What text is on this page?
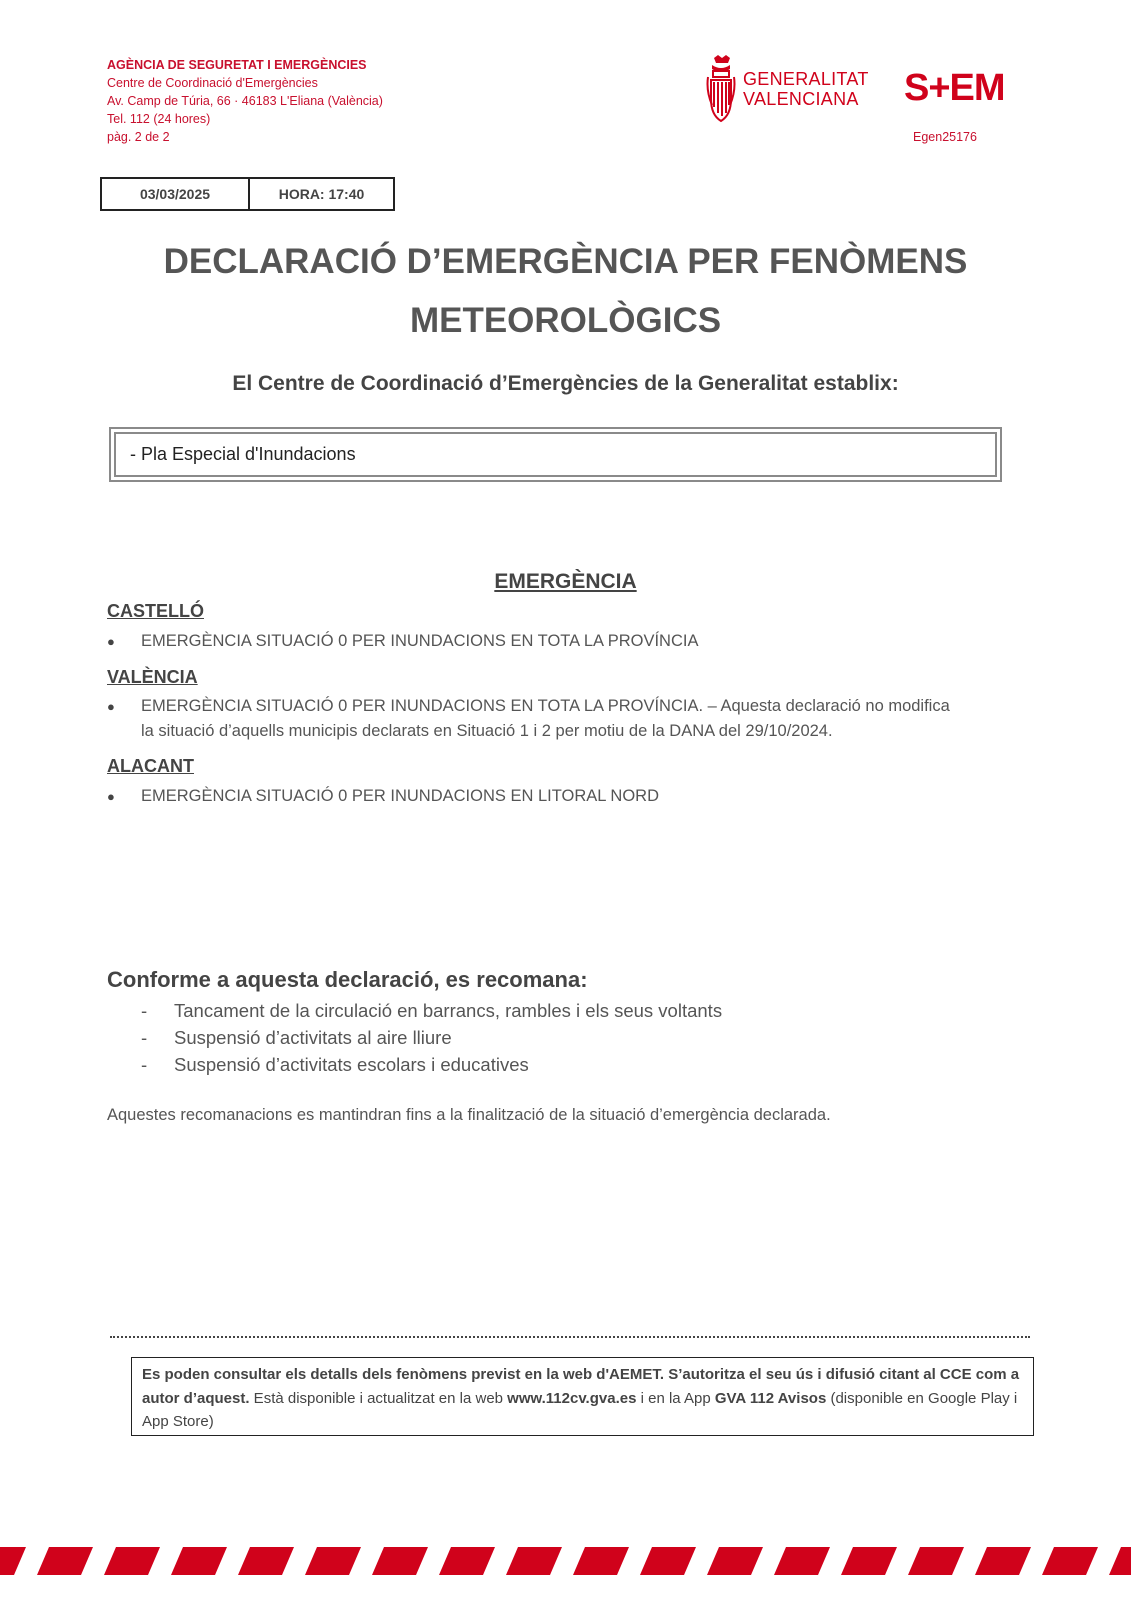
AGÈNCIA DE SEGURETAT I EMERGÈNCIES
Centre de Coordinació d'Emergències
Av. Camp de Túria, 66 · 46183 L'Eliana (València)
Tel. 112 (24 hores)
pàg. 2 de 2
GENERALITAT
VALENCIANA S+EM
Egen25176
03/03/2025	HORA: 17:40
DECLARACIÓ D’EMERGÈNCIA PER FENÒMENS
METEOROLÒGICS
El Centre de Coordinació d’Emergències de la Generalitat establix:
- Pla Especial d'Inundacions
EMERGÈNCIA
CASTELLÓ
● EMERGÈNCIA SITUACIÓ 0 PER INUNDACIONS EN TOTA LA PROVÍNCIA
VALÈNCIA
● EMERGÈNCIA SITUACIÓ 0 PER INUNDACIONS EN TOTA LA PROVÍNCIA. – Aquesta declaració no modifica
la situació d’aquells municipis declarats en Situació 1 i 2 per motiu de la DANA del 29/10/2024.
ALACANT
● EMERGÈNCIA SITUACIÓ 0 PER INUNDACIONS EN LITORAL NORD
Conforme a aquesta declaració, es recomana:
- Tancament de la circulació en barrancs, rambles i els seus voltants
- Suspensió d’activitats al aire lliure
- Suspensió d’activitats escolars i educatives
Aquestes recomanacions es mantindran fins a la finalització de la situació d’emergència declarada.
Es poden consultar els detalls dels fenòmens previst en la web d'AEMET. S’autoritza el seu ús i difusió citant al CCE com a autor d’aquest. Està disponible i actualitzat en la web www.112cv.gva.es i en la App GVA 112 Avisos (disponible en Google Play i App Store)
